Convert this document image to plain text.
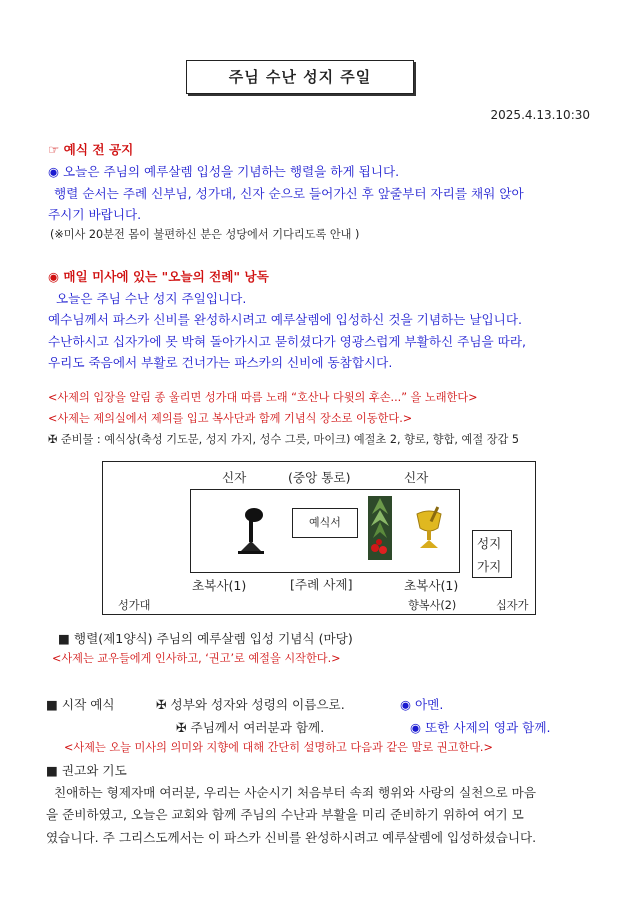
주님 수난 성지 주일
2025.4.13.10:30
☞ 예식 전 공지
◉ 오늘은 주님의 예루살렘 입성을 기념하는 행렬을 하게 됩니다.
행렬 순서는 주례 신부님, 성가대, 신자 순으로 들어가신 후 앞줄부터 자리를 채워 앉아
주시기 바랍니다.
(※미사 20분전 몸이 불편하신 분은 성당에서 기다리도록 안내 )
◉ 매일 미사에 있는 "오늘의 전례" 낭독
오늘은 주님 수난 성지 주일입니다.
예수님께서 파스카 신비를 완성하시려고 예루살렘에 입성하신 것을 기념하는 날입니다.
수난하시고 십자가에 못 박혀 돌아가시고 묻히셨다가 영광스럽게 부활하신 주님을 따라,
우리도 죽음에서 부활로 건너가는 파스카의 신비에 동참합시다.
<사제의 입장을 알림 종 울리면 성가대 따름 노래 “호산나 다윗의 후손...” 을 노래한다>
<사제는 제의실에서 제의를 입고 복사단과 함께 기념식 장소로 이동한다.>
✠ 준비물 : 예식상(축성 기도문, 성지 가지, 성수 그릇, 마이크) 예절초 2, 향로, 향합, 예절 장갑 5
신자	(중앙 통로)	신자
예식서
성지
가지
초복사(1)	[주례 사제]	초복사(1)
성가대	향복사(2)	십자가
■ 행렬(제1양식) 주님의 예루살렘 입성 기념식 (마당)
<사제는 교우들에게 인사하고, ‘권고’로 예절을 시작한다.>
■ 시작 예식	✠ 성부와 성자와 성령의 이름으로.	◉ 아멘.
✠ 주님께서 여러분과 함께.	◉ 또한 사제의 영과 함께.
<사제는 오늘 미사의 의미와 지향에 대해 간단히 설명하고 다음과 같은 말로 권고한다.>
■ 권고와 기도
친애하는 형제자매 여러분, 우리는 사순시기 처음부터 속죄 행위와 사랑의 실천으로 마음
을 준비하였고, 오늘은 교회와 함께 주님의 수난과 부활을 미리 준비하기 위하여 여기 모
였습니다. 주 그리스도께서는 이 파스카 신비를 완성하시려고 예루살렘에 입성하셨습니다.
